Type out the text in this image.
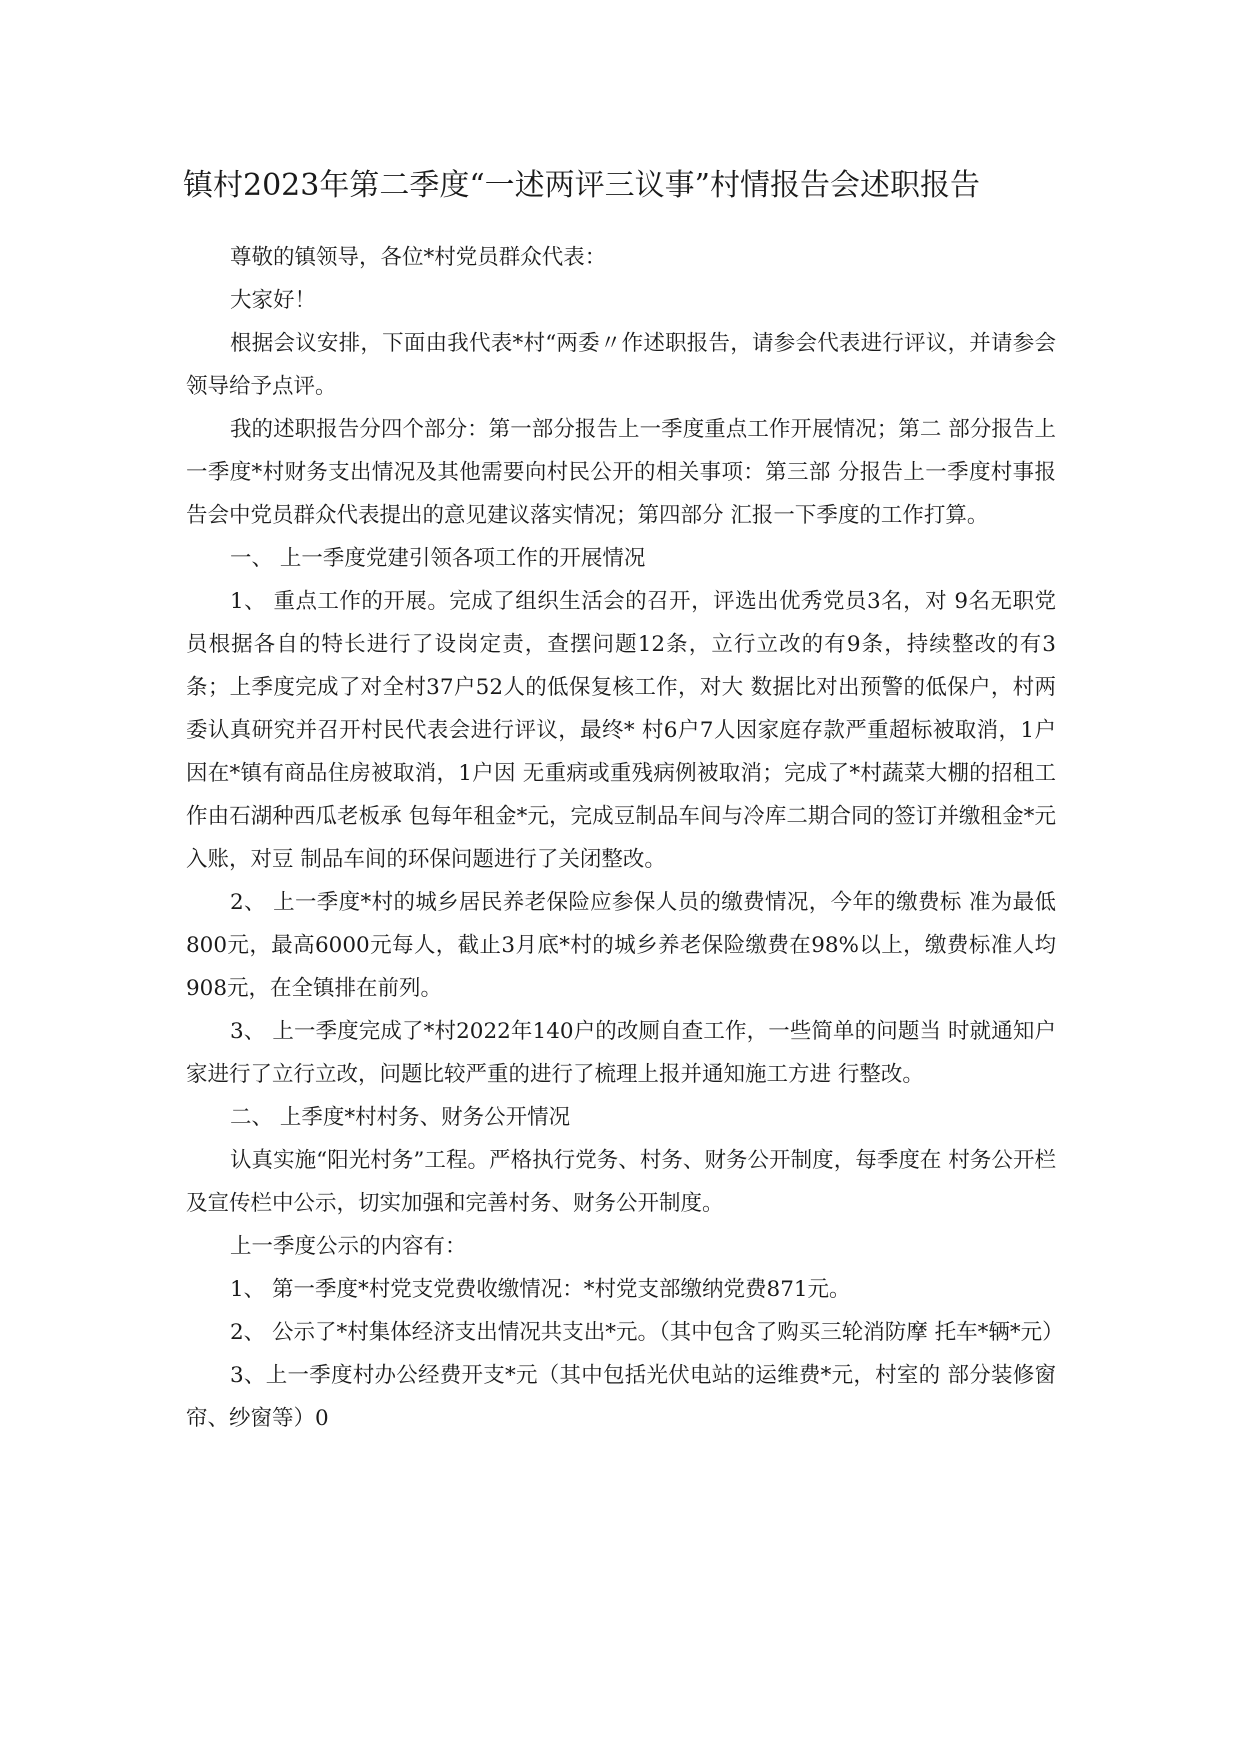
镇村2023年第二季度“一述两评三议事”村情报告会述职报告

尊敬的镇领导，各位*村党员群众代表：

大家好！

根据会议安排，下面由我代表*村“两委〃作述职报告，请参会代表进行评议，并请参会领导给予点评。

我的述职报告分四个部分：第一部分报告上一季度重点工作开展情况；第二 部分报告上一季度*村财务支出情况及其他需要向村民公开的相关事项：第三部 分报告上一季度村事报告会中党员群众代表提出的意见建议落实情况；第四部分 汇报一下季度的工作打算。

一、 上一季度党建引领各项工作的开展情况

1、 重点工作的开展。完成了组织生活会的召开，评选出优秀党员3名，对 9名无职党员根据各自的特长进行了设岗定责，查摆问题12条，立行立改的有9条，持续整改的有3条；上季度完成了对全村37户52人的低保复核工作，对大 数据比对出预警的低保户，村两委认真研究并召开村民代表会进行评议，最终* 村6户7人因家庭存款严重超标被取消，1户因在*镇有商品住房被取消，1户因 无重病或重残病例被取消；完成了*村蔬菜大棚的招租工作由石湖种西瓜老板承 包每年租金*元，完成豆制品车间与冷库二期合同的签订并缴租金*元入账，对豆 制品车间的环保问题进行了关闭整改。

2、 上一季度*村的城乡居民养老保险应参保人员的缴费情况，今年的缴费标 准为最低800元，最高6000元每人，截止3月底*村的城乡养老保险缴费在98%以上，缴费标准人均908元，在全镇排在前列。

3、 上一季度完成了*村2022年140户的改厕自查工作，一些简单的问题当 时就通知户家进行了立行立改，问题比较严重的进行了梳理上报并通知施工方进 行整改。

二、 上季度*村村务、财务公开情况

认真实施“阳光村务”工程。严格执行党务、村务、财务公开制度，每季度在 村务公开栏及宣传栏中公示，切实加强和完善村务、财务公开制度。

上一季度公示的内容有：

1、 第一季度*村党支党费收缴情况：*村党支部缴纳党费871元。

2、 公示了*村集体经济支出情况共支出*元。（其中包含了购买三轮消防摩 托车*辆*元）

3、上一季度村办公经费开支*元（其中包括光伏电站的运维费*元，村室的 部分装修窗帘、纱窗等）0
